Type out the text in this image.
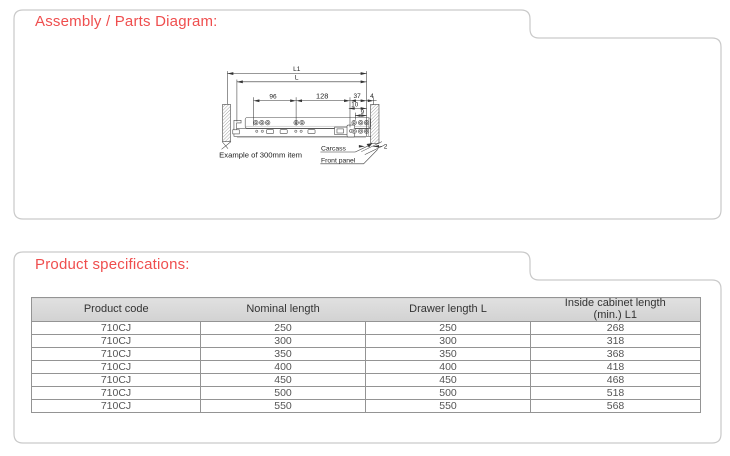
Assembly / Parts Diagram:
Product specifications:
L1
L
96	128 37 4
10
9
2
Carcass
Front panel
Example of 300mm item
Product code	Nominal length	Drawer length L	Inside cabinet length
(min.) L1
710CJ	250	250	268
710CJ	300	300	318
710CJ	350	350	368
710CJ	400	400	418
710CJ	450	450	468
710CJ	500	500	518
710CJ	550	550	568
